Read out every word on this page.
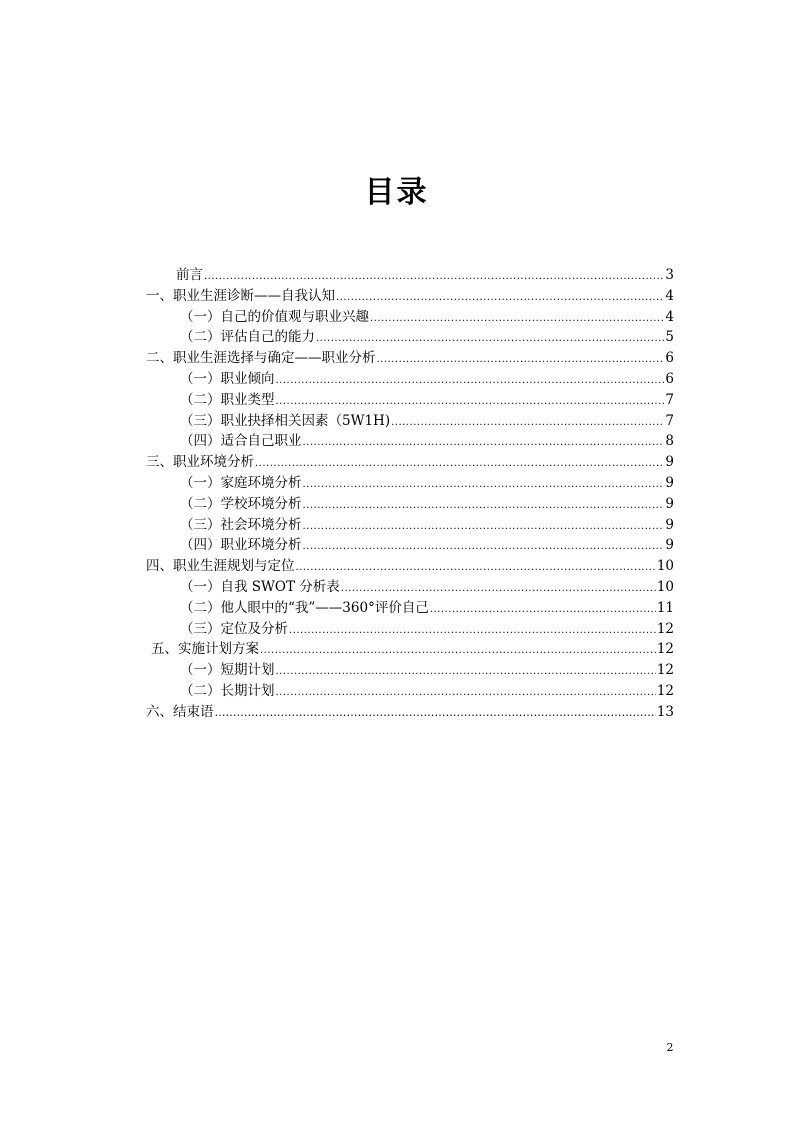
目录
前言 .....	3
一、职业生涯诊断——自我认知 .....	4
（一）自己的价值观与职业兴趣 .....	4
（二）评估自己的能力 .....	5
二、职业生涯选择与确定——职业分析 .....	6
（一）职业倾向 .....	6
（二）职业类型 .....	7
（三）职业抉择相关因素（5W1H) .....	7
（四）适合自己职业 .....	8
三、职业环境分析 .....	9
（一）家庭环境分析 .....	9
（二）学校环境分析 .....	9
（三）社会环境分析 .....	9
（四）职业环境分析 .....	9
四、职业生涯规划与定位 .....	10
（一）自我 SWOT 分析表 .....	10
（二）他人眼中的“我”——360°评价自己 .....	11
（三）定位及分析 .....	12
五、实施计划方案 .....	12
（一）短期计划 .....	12
（二）长期计划 .....	12
六、结束语 ……………………………………………………………………………………………………………………	13
2
